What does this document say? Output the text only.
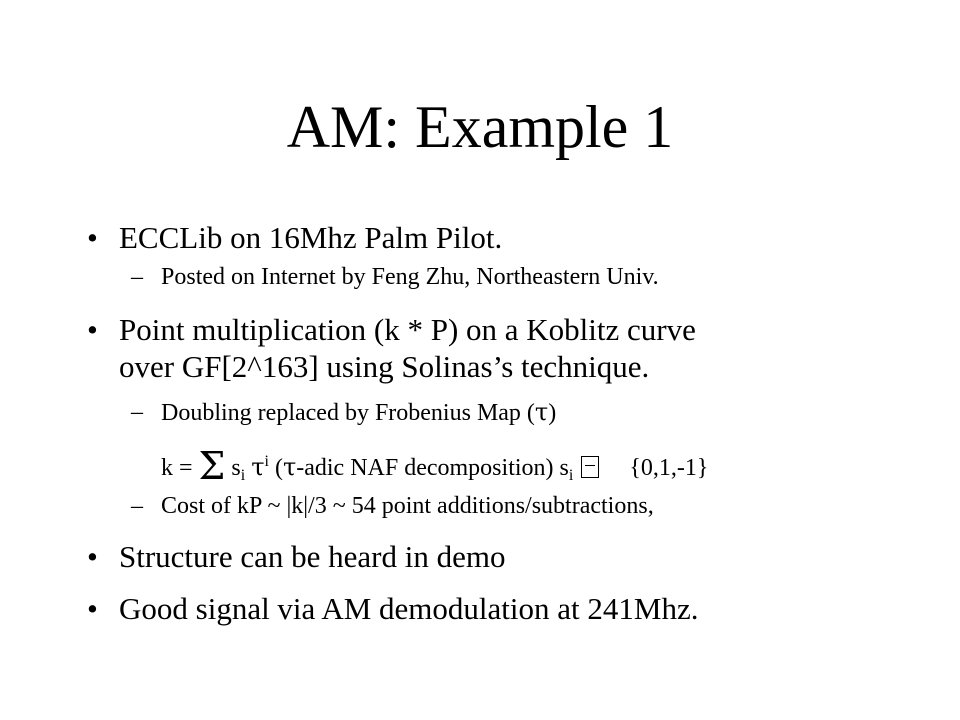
AM: Example 1
• ECCLib on 16Mhz Palm Pilot.
– Posted on Internet by Feng Zhu, Northeastern Univ.
• Point multiplication (k * P) on a Koblitz curve
over GF[2^163] using Solinas’s technique.
– Doubling replaced by Frobenius Map (τ)
k = Σ $s_i$ $\tau^i$ (τ-adic NAF decomposition) $s_i$ {0,1,-1}
– Cost of kP ~ |k|/3 ~ 54 point additions/subtractions,
• Structure can be heard in demo
• Good signal via AM demodulation at 241Mhz.
